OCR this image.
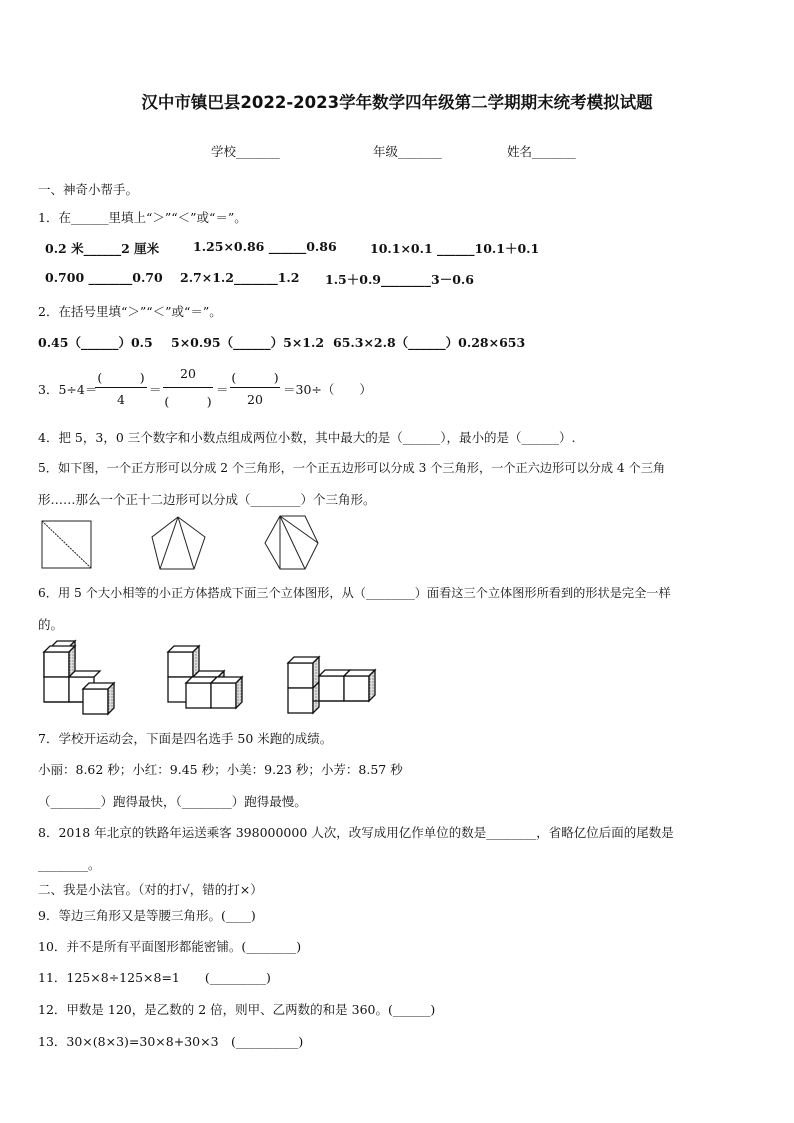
汉中市镇巴县2022-2023学年数学四年级第二学期期末统考模拟试题
学校_______	年级_______	姓名_______
一、神奇小帮手。
1．在______里填上“＞”“＜”或“＝”。
0.2 米______2 厘米	1.25×0.86 ______0.86	10.1×0.1 ______10.1＋0.1
0.700 _______0.70 2.7×1.2_______1.2 1.5＋0.9________3－0.6
2．在括号里填“＞”“＜”或“＝”。
0.45（______）0.5 5×0.95（______）5×1.2 65.3×2.8（______）0.28×653
3．5÷4＝
(　　　)
4
＝
20
(　　　)
＝
(　　　)
20
＝30÷（　　）
4．把 5，3，0 三个数字和小数点组成两位小数，其中最大的是（______），最小的是（______）.
5．如下图，一个正方形可以分成 2 个三角形，一个正五边形可以分成 3 个三角形，一个正六边形可以分成 4 个三角
形……那么一个正十二边形可以分成（________）个三角形。
6．用 5 个大小相等的小正方体搭成下面三个立体图形，从（________）面看这三个立体图形所看到的形状是完全一样
的。
7．学校开运动会，下面是四名选手 50 米跑的成绩。
小丽：8.62 秒；小红：9.45 秒；小美：9.23 秒；小芳：8.57 秒
（________）跑得最快，（________）跑得最慢。
8．2018 年北京的铁路年运送乘客 398000000 人次，改写成用亿作单位的数是________，省略亿位后面的尾数是
________。
二、我是小法官。（对的打√，错的打×）
9．等边三角形又是等腰三角形。(____)
10．并不是所有平面图形都能密铺。(________)
11．125×8÷125×8=1　　(_________)
12．甲数是 120，是乙数的 2 倍，则甲、乙两数的和是 360。(______)
13．30×(8×3)=30×8+30×3　(__________)
